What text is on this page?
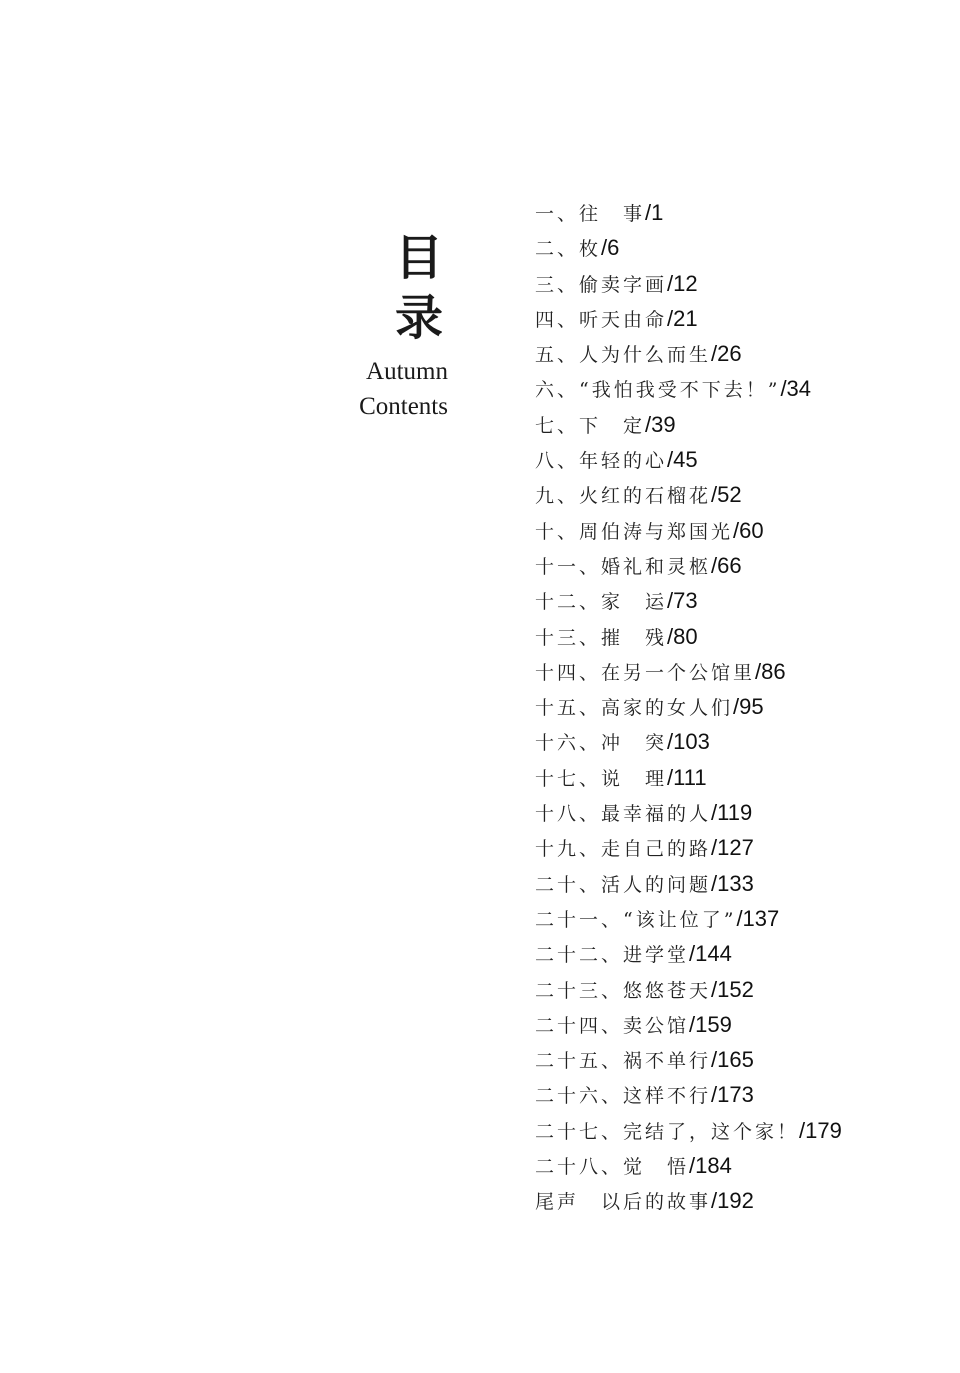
目
录
Autumn
Contents
一、往　事/1
二、枚/6
三、偷卖字画/12
四、听天由命/21
五、人为什么而生/26
六、“我怕我受不下去！”/34
七、下　定/39
八、年轻的心/45
九、火红的石榴花/52
十、周伯涛与郑国光/60
十一、婚礼和灵柩/66
十二、家　运/73
十三、摧　残/80
十四、在另一个公馆里/86
十五、高家的女人们/95
十六、冲　突/103
十七、说　理/111
十八、最幸福的人/119
十九、走自己的路/127
二十、活人的问题/133
二十一、“该让位了”/137
二十二、进学堂/144
二十三、悠悠苍天/152
二十四、卖公馆/159
二十五、祸不单行/165
二十六、这样不行/173
二十七、完结了，这个家！/179
二十八、觉　悟/184
尾声　以后的故事/192
